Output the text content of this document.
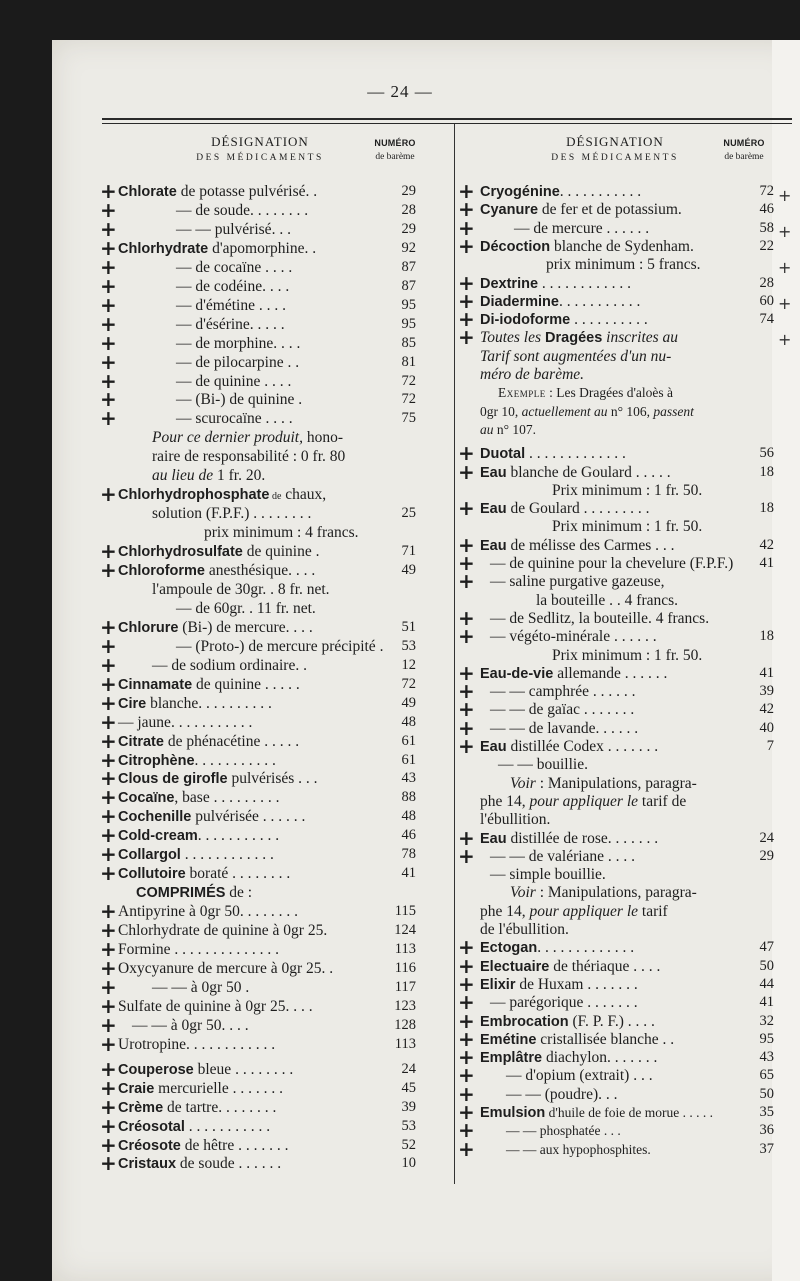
— 24 —
DÉSIGNATION
DES MÉDICAMENTS
NUMÉRO
de barème
DÉSIGNATION
DES MÉDICAMENTS
NUMÉRO
de barème
+ Chlorate de potasse pulvérisé. .	29
+	— de soude. . . . . . . .	28
+	— — pulvérisé. . .	29
+ Chlorhydrate d'apomorphine. .	92
+	— de cocaïne . . . .	87
+	— de codéine. . . .	87
+	— d'émétine . . . .	95
+	— d'ésérine. . . . .	95
+	— de morphine. . . .	85
+	— de pilocarpine . .	81
+	— de quinine . . . .	72
+	— (Bi-) de quinine .	72
+	— scurocaïne . . . .	75
Pour ce dernier produit, hono-
raire de responsabilité : 0 fr. 80
au lieu de 1 fr. 20.
+ Chlorhydrophosphate de chaux,
solution (F.P.F.) . . . . . . . .	25
prix minimum : 4 francs.
+ Chlorhydrosulfate de quinine .	71
+ Chloroforme anesthésique. . . .	49
l'ampoule de 30gr. . 8 fr. net.
— de 60gr. . 11 fr. net.
+ Chlorure (Bi-) de mercure. . . .	51
+	— (Proto-) de mercure précipité .	53
+ — de sodium ordinaire. .	12
+ Cinnamate de quinine . . . . .	72
+ Cire blanche. . . . . . . . . .	49
+ — jaune. . . . . . . . . . .	48
+ Citrate de phénacétine . . . . .	61
+ Citrophène. . . . . . . . . . .	61
+ Clous de girofle pulvérisés . . .	43
+ Cocaïne, base . . . . . . . . .	88
+ Cochenille pulvérisée . . . . . .	48
+ Cold-cream. . . . . . . . . . .	46
+ Collargol . . . . . . . . . . . .	78
+ Collutoire boraté . . . . . . . .	41
COMPRIMÉS de :
+ Antipyrine à 0gr 50. . . . . . . .	115
+ Chlorhydrate de quinine à 0gr 25.	124
+ Formine . . . . . . . . . . . . . .	113
+ Oxycyanure de mercure à 0gr 25. .	116
+ — — à 0gr 50 .	117
+ Sulfate de quinine à 0gr 25. . . .	123
+ — — à 0gr 50. . . .	128
+ Urotropine. . . . . . . . . . . .	113
+ Couperose bleue . . . . . . . .	24
+ Craie mercurielle . . . . . . .	45
+ Crème de tartre. . . . . . . .	39
+ Créosotal . . . . . . . . . . .	53
+ Créosote de hêtre . . . . . . .	52
+ Cristaux de soude . . . . . .	10
+ Cryogénine. . . . . . . . . . .	72
+ Cyanure de fer et de potassium.	46
+	— de mercure . . . . . .	58
+ Décoction blanche de Sydenham.	22
prix minimum : 5 francs.
+ Dextrine . . . . . . . . . . . .	28
+ Diadermine. . . . . . . . . . .	60
+ Di-iodoforme . . . . . . . . . .	74
+ Toutes les Dragées inscrites au
Tarif sont augmentées d'un nu-
méro de barème.
Exemple : Les Dragées d'aloès à
0gr 10, actuellement au n° 106, passent
au n° 107.
+ Duotal . . . . . . . . . . . . .	56
+ Eau blanche de Goulard . . . . .	18
Prix minimum : 1 fr. 50.
+ Eau de Goulard . . . . . . . . .	18
Prix minimum : 1 fr. 50.
+ Eau de mélisse des Carmes . . .	42
+ — de quinine pour la chevelure (F.P.F.)	41
+ — saline purgative gazeuse,
la bouteille . . 4 francs.
+ — de Sedlitz, la bouteille. 4 francs.
+ — végéto-minérale . . . . . .	18
Prix minimum : 1 fr. 50.
+ Eau-de-vie allemande . . . . . .	41
+ — — camphrée . . . . . .	39
+ — — de gaïac . . . . . . .	42
+ — — de lavande. . . . . .	40
+ Eau distillée Codex . . . . . . .	7
— — bouillie.
Voir : Manipulations, paragra-
phe 14, pour appliquer le tarif de
l'ébullition.
+ Eau distillée de rose. . . . . . .	24
+ — — de valériane . . . .	29
— simple bouillie.
Voir : Manipulations, paragra-
phe 14, pour appliquer le tarif
de l'ébullition.
+ Ectogan. . . . . . . . . . . . .	47
+ Electuaire de thériaque . . . .	50
+ Elixir de Huxam . . . . . . .	44
+ — parégorique . . . . . . .	41
+ Embrocation (F. P. F.) . . . .	32
+ Emétine cristallisée blanche . .	95
+ Emplâtre diachylon. . . . . . .	43
+ — d'opium (extrait) . . .	65
+ — — (poudre). . .	50
+ Emulsion d'huile de foie de morue . . . . .	35
+ — — phosphatée . . .	36
+ — — aux hypophosphites.	37
+
+
+
+
+
